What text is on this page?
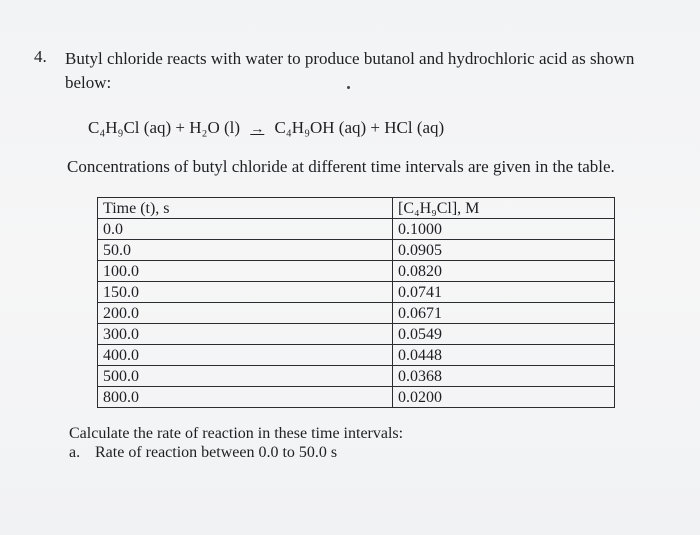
4. Butyl chloride reacts with water to produce butanol and hydrochloric acid as shown below:
C₄H₉Cl (aq) + H₂O (l) → C₄H₉OH (aq) + HCl (aq)
Concentrations of butyl chloride at different time intervals are given in the table.
Time (t), s	[C₄H₉Cl], M
0.0	0.1000
50.0	0.0905
100.0	0.0820
150.0	0.0741
200.0	0.0671
300.0	0.0549
400.0	0.0448
500.0	0.0368
800.0	0.0200
Calculate the rate of reaction in these time intervals:
a. Rate of reaction between 0.0 to 50.0 s
